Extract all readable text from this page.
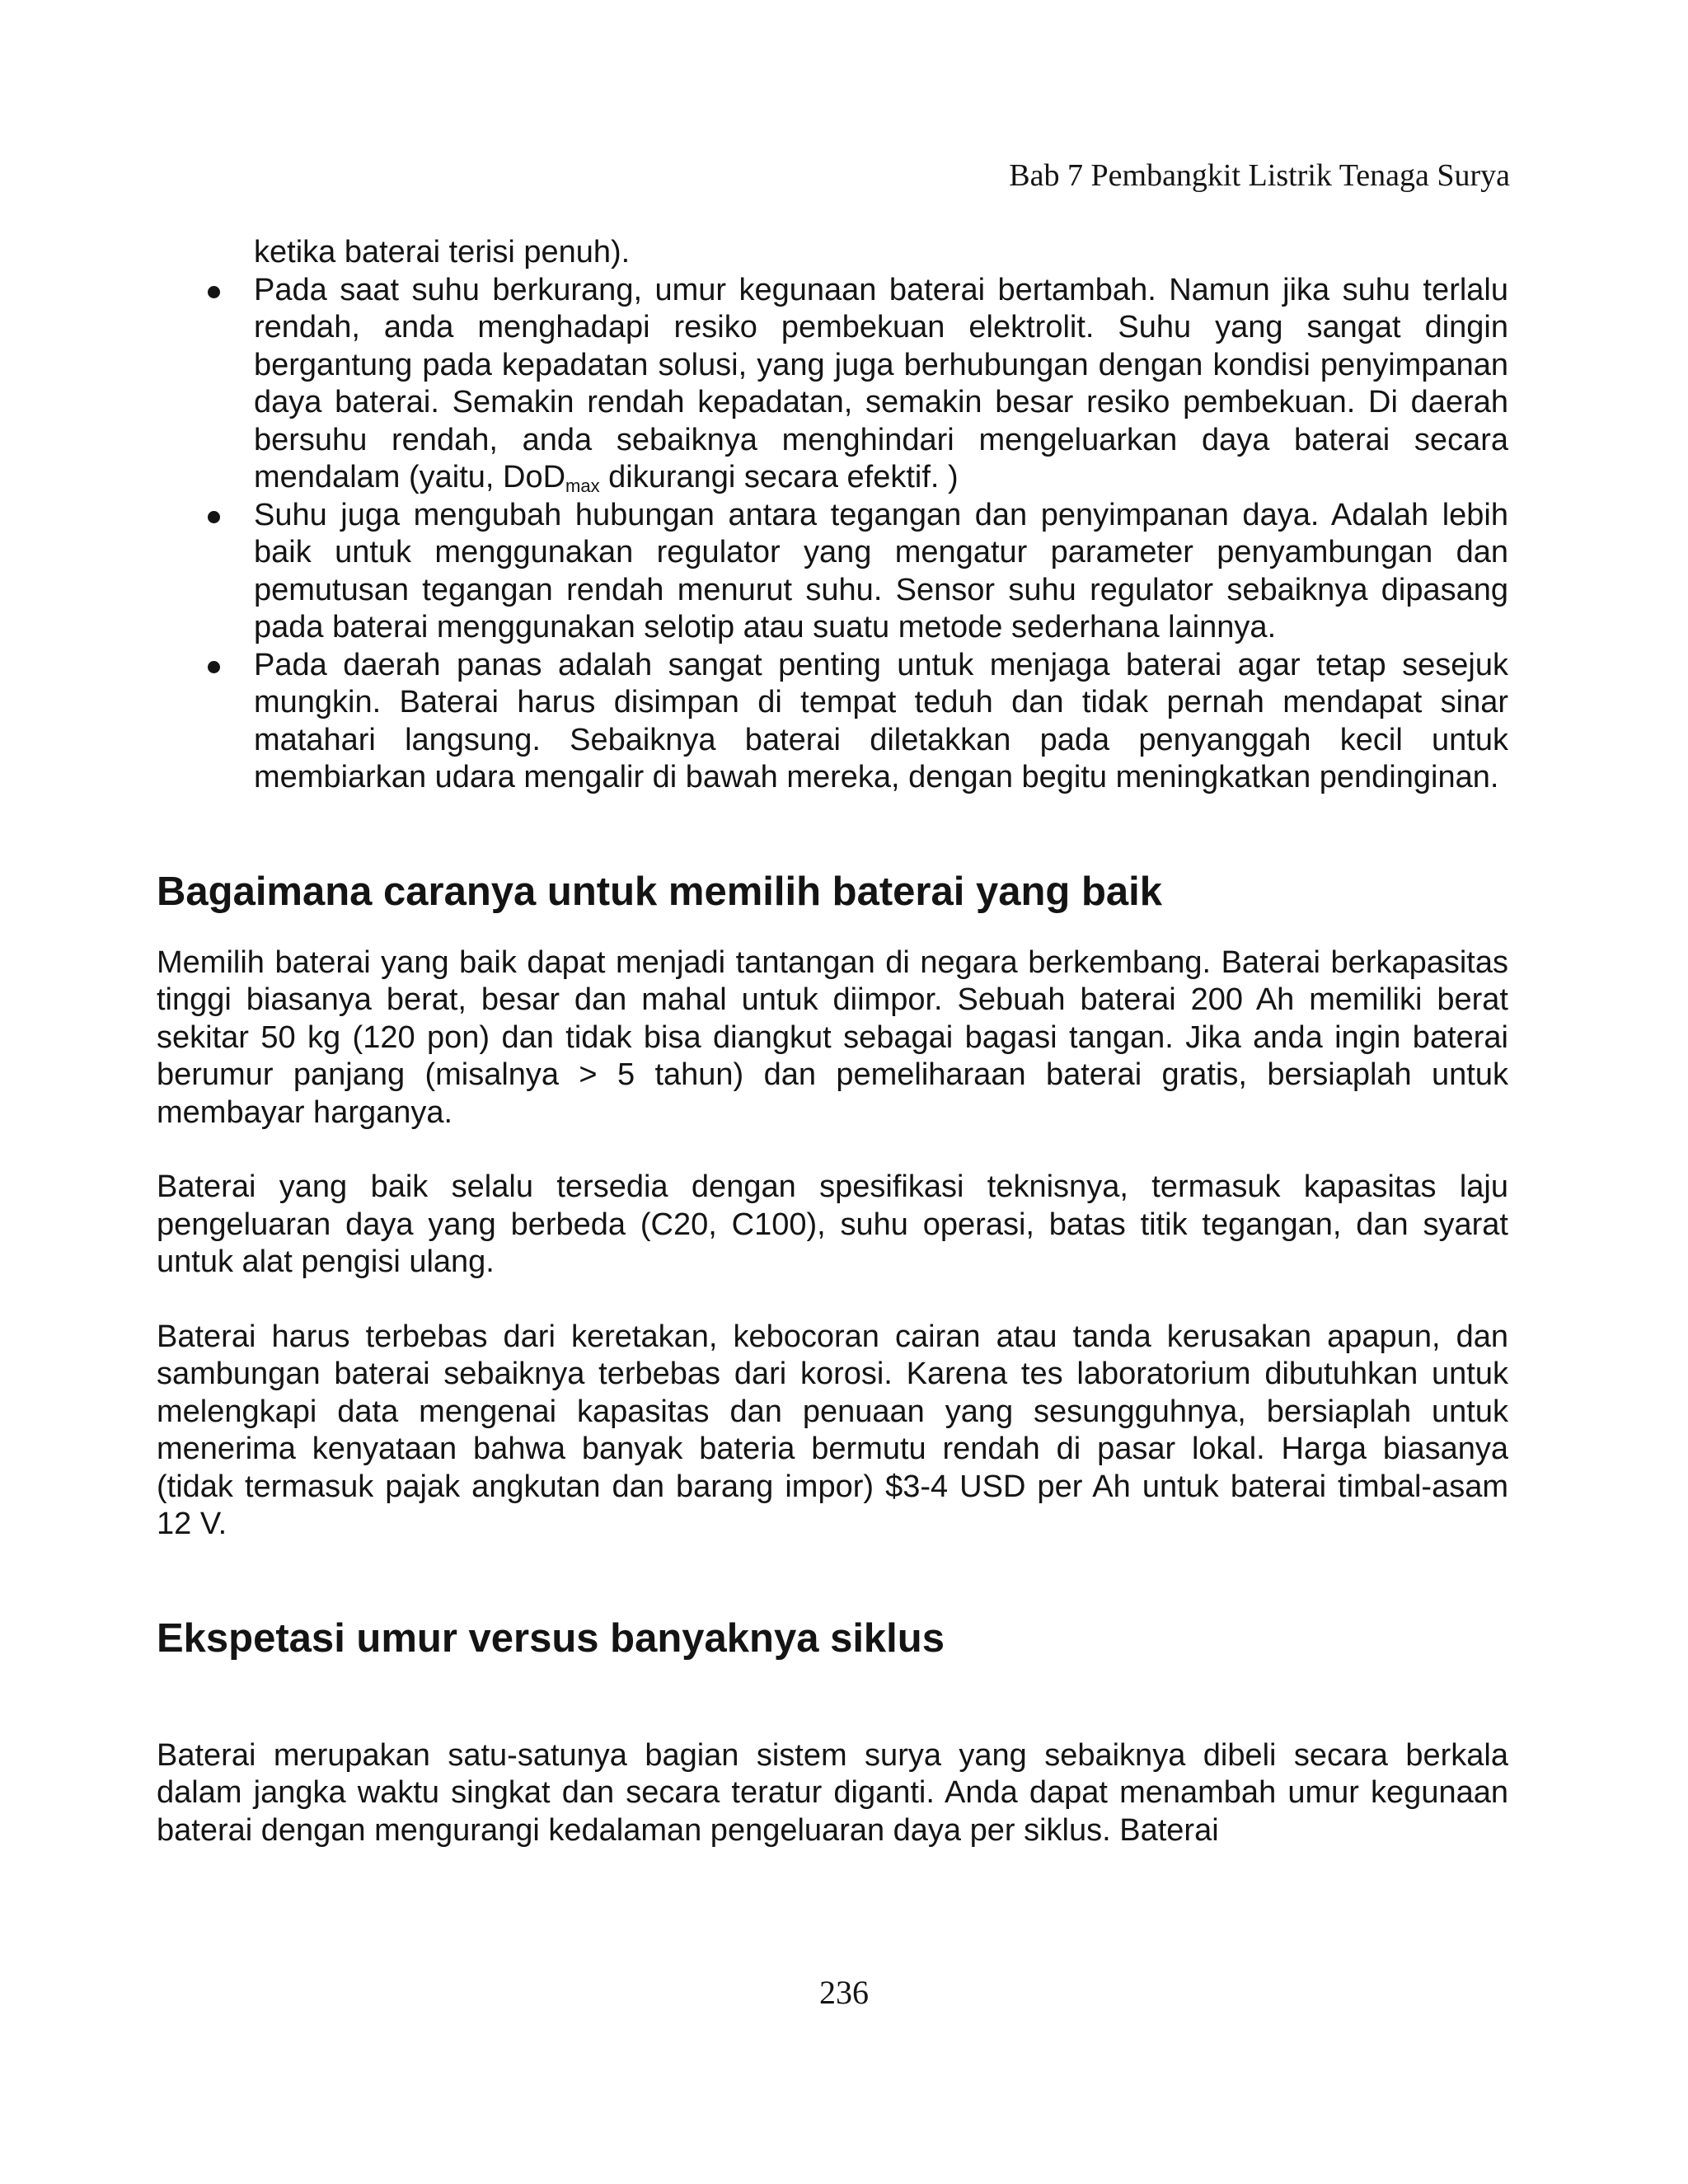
Bab 7 Pembangkit Listrik Tenaga Surya

ketika baterai terisi penuh).

Pada saat suhu berkurang, umur kegunaan baterai bertambah. Namun jika suhu terlalu rendah, anda menghadapi resiko pembekuan elektrolit. Suhu yang sangat dingin bergantung pada kepadatan solusi, yang juga berhubungan dengan kondisi penyimpanan daya baterai. Semakin rendah kepadatan, semakin besar resiko pembekuan. Di daerah bersuhu rendah, anda sebaiknya menghindari mengeluarkan daya baterai secara mendalam (yaitu, DoD$_{max}$ dikurangi secara efektif. )
Suhu juga mengubah hubungan antara tegangan dan penyimpanan daya. Adalah lebih baik untuk menggunakan regulator yang mengatur parameter penyambungan dan pemutusan tegangan rendah menurut suhu. Sensor suhu regulator sebaiknya dipasang pada baterai menggunakan selotip atau suatu metode sederhana lainnya.
Pada daerah panas adalah sangat penting untuk menjaga baterai agar tetap sesejuk mungkin. Baterai harus disimpan di tempat teduh dan tidak pernah mendapat sinar matahari langsung. Sebaiknya baterai diletakkan pada penyanggah kecil untuk membiarkan udara mengalir di bawah mereka, dengan begitu meningkatkan pendinginan.
Bagaimana caranya untuk memilih baterai yang baik

Memilih baterai yang baik dapat menjadi tantangan di negara berkembang. Baterai berkapasitas tinggi biasanya berat, besar dan mahal untuk diimpor. Sebuah baterai 200 Ah memiliki berat sekitar 50 kg (120 pon) dan tidak bisa diangkut sebagai bagasi tangan. Jika anda ingin baterai berumur panjang (misalnya > 5 tahun) dan pemeliharaan baterai gratis, bersiaplah untuk membayar harganya.

Baterai yang baik selalu tersedia dengan spesifikasi teknisnya, termasuk kapasitas laju pengeluaran daya yang berbeda (C20, C100), suhu operasi, batas titik tegangan, dan syarat untuk alat pengisi ulang.

Baterai harus terbebas dari keretakan, kebocoran cairan atau tanda kerusakan apapun, dan sambungan baterai sebaiknya terbebas dari korosi. Karena tes laboratorium dibutuhkan untuk melengkapi data mengenai kapasitas dan penuaan yang sesungguhnya, bersiaplah untuk menerima kenyataan bahwa banyak bateria bermutu rendah di pasar lokal. Harga biasanya (tidak termasuk pajak angkutan dan barang impor) $3-4 USD per Ah untuk baterai timbal-asam 12 V.

Ekspetasi umur versus banyaknya siklus

Baterai merupakan satu-satunya bagian sistem surya yang sebaiknya dibeli secara berkala dalam jangka waktu singkat dan secara teratur diganti. Anda dapat menambah umur kegunaan baterai dengan mengurangi kedalaman pengeluaran daya per siklus. Baterai

236
